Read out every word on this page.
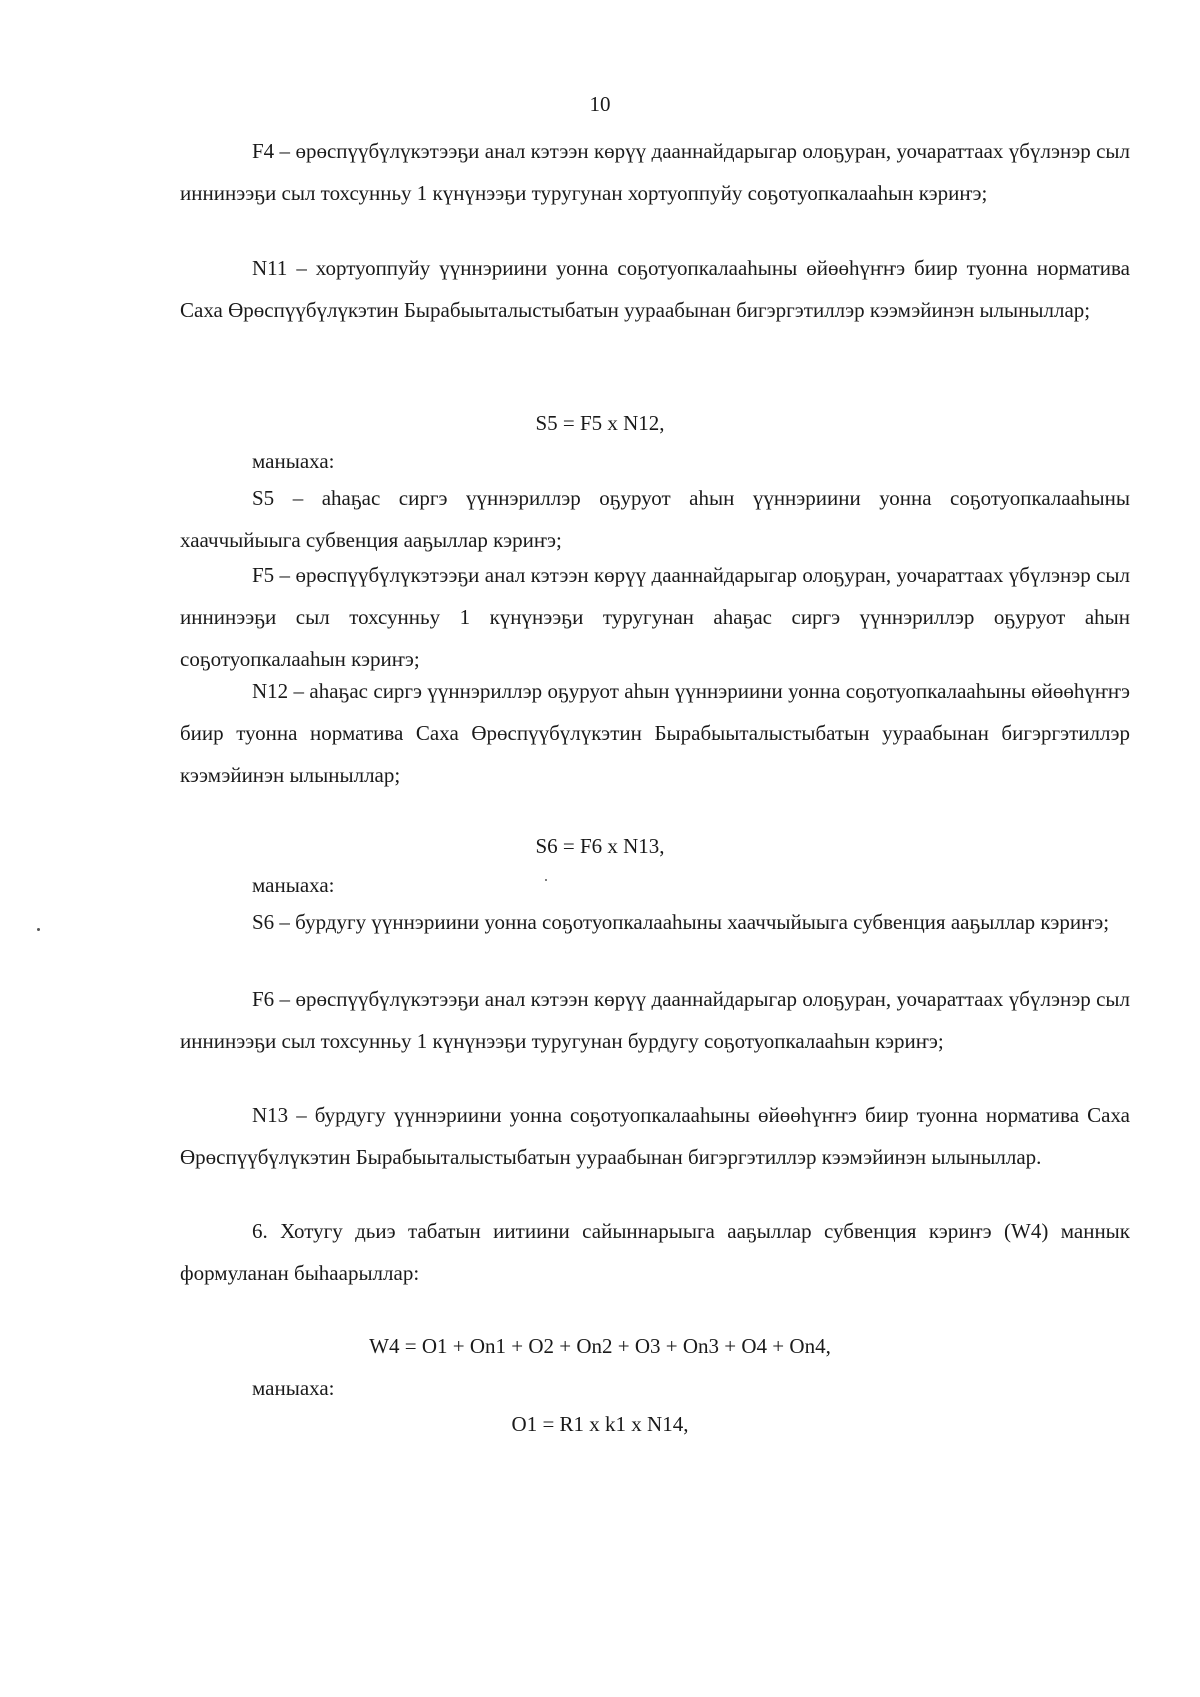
10

F4 – өрөспүүбүлүкэтээҕи анал кэтээн көрүү дааннайдарыгар олоҕуран, уочараттаах үбүлэнэр сыл иннинээҕи сыл тохсунньу 1 күнүнээҕи туругунан хортуоппуйу соҕотуопкалааһын кэриҥэ;

N11 – хортуоппуйу үүннэриини уонна соҕотуопкалааһыны өйөөһүҥҥэ биир туонна норматива Саха Өрөспүүбүлүкэтин Бырабыыталыстыбатын уураабынан бигэргэтиллэр кээмэйинэн ылыныллар;

S5 = F5 x N12,

маныаха:

S5 – аһаҕас сиргэ үүннэриллэр оҕуруот аһын үүннэриини уонна соҕотуопкалааһыны хааччыйыыга субвенция ааҕыллар кэриҥэ;

F5 – өрөспүүбүлүкэтээҕи анал кэтээн көрүү дааннайдарыгар олоҕуран, уочараттаах үбүлэнэр сыл иннинээҕи сыл тохсунньу 1 күнүнээҕи туругунан аһаҕас сиргэ үүннэриллэр оҕуруот аһын соҕотуопкалааһын кэриҥэ;

N12 – аһаҕас сиргэ үүннэриллэр оҕуруот аһын үүннэриини уонна соҕотуопкалааһыны өйөөһүҥҥэ биир туонна норматива Саха Өрөспүүбүлүкэтин Бырабыыталыстыбатын уураабынан бигэргэтиллэр кээмэйинэн ылыныллар;

S6 = F6 x N13,

маныаха:

S6 – бурдугу үүннэриини уонна соҕотуопкалааһыны хааччыйыыга субвенция ааҕыллар кэриҥэ;

F6 – өрөспүүбүлүкэтээҕи анал кэтээн көрүү дааннайдарыгар олоҕуран, уочараттаах үбүлэнэр сыл иннинээҕи сыл тохсунньу 1 күнүнээҕи туругунан бурдугу соҕотуопкалааһын кэриҥэ;

N13 – бурдугу үүннэриини уонна соҕотуопкалааһыны өйөөһүҥҥэ биир туонна норматива Саха Өрөспүүбүлүкэтин Бырабыыталыстыбатын уураабынан бигэргэтиллэр кээмэйинэн ылыныллар.

6. Хотугу дьиэ табатын иитиини сайыннарыыга ааҕыллар субвенция кэриҥэ (W4) маннык формуланан быһаарыллар:

W4 = O1 + On1 + O2 + On2 + O3 + On3 + O4 + On4,

маныаха:

O1 = R1 x k1 x N14,
